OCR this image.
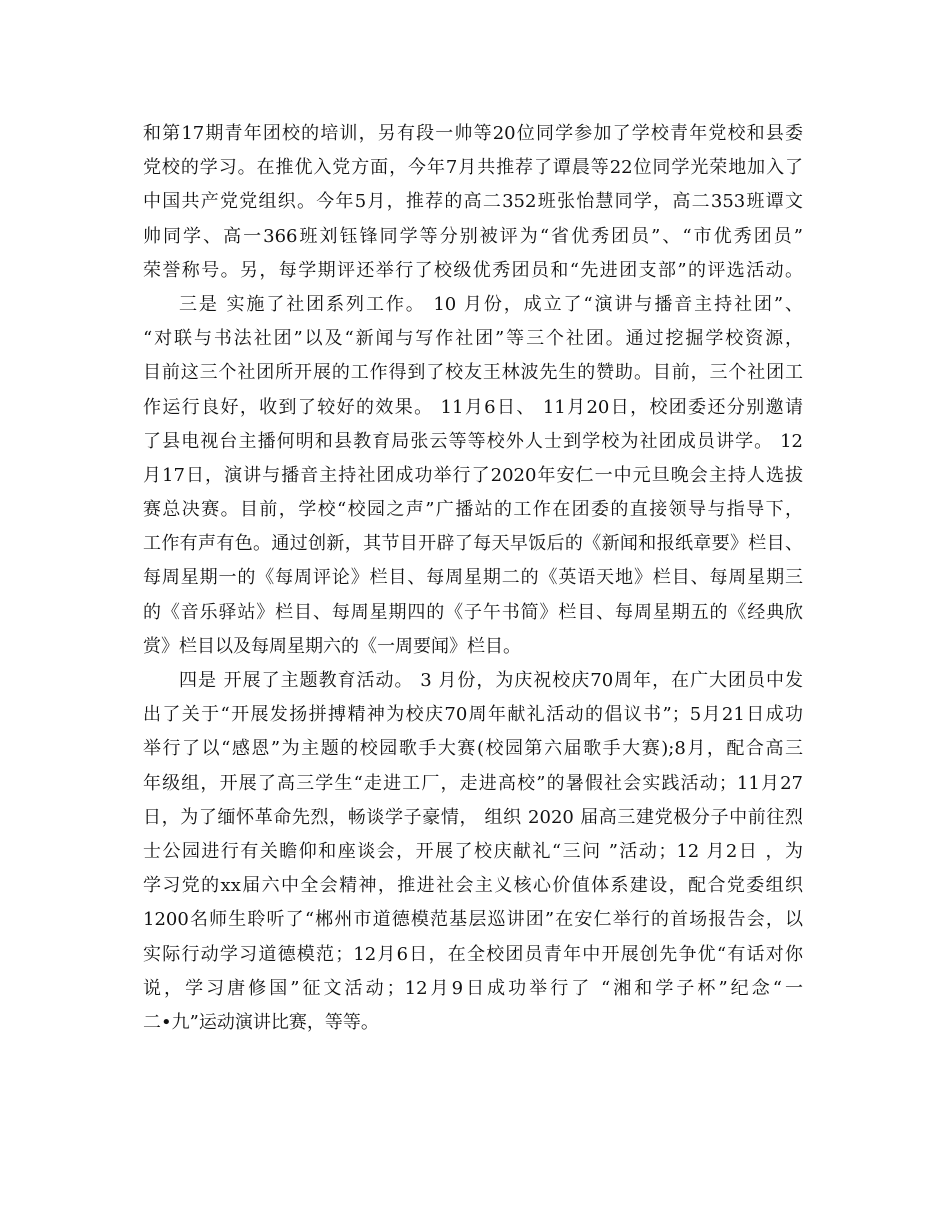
和第17期青年团校的培训，另有段一帅等20位同学参加了学校青年党校和县委
党校的学习。在推优入党方面，今年7月共推荐了谭晨等22位同学光荣地加入了
中国共产党党组织。今年5月，推荐的高二352班张怡慧同学，高二353班谭文
帅同学、高一366班刘钰锋同学等分别被评为“省优秀团员”、“市优秀团员”
荣誉称号。另，每学期评还举行了校级优秀团员和“先进团支部”的评选活动。
三是 实施了社团系列工作。 10 月份，成立了“演讲与播音主持社团”、
“对联与书法社团”以及“新闻与写作社团”等三个社团。通过挖掘学校资源，
目前这三个社团所开展的工作得到了校友王林波先生的赞助。目前，三个社团工
作运行良好，收到了较好的效果。 11月6日、 11月20日，校团委还分别邀请
了县电视台主播何明和县教育局张云等等校外人士到学校为社团成员讲学。 12
月17日，演讲与播音主持社团成功举行了2020年安仁一中元旦晚会主持人选拔
赛总决赛。目前，学校“校园之声”广播站的工作在团委的直接领导与指导下，
工作有声有色。通过创新，其节目开辟了每天早饭后的《新闻和报纸章要》栏目、
每周星期一的《每周评论》栏目、每周星期二的《英语天地》栏目、每周星期三
的《音乐驿站》栏目、每周星期四的《子午书简》栏目、每周星期五的《经典欣
赏》栏目以及每周星期六的《一周要闻》栏目。
四是 开展了主题教育活动。 3 月份，为庆祝校庆70周年，在广大团员中发
出了关于“开展发扬拼搏精神为校庆70周年献礼活动的倡议书”；5月21日成功
举行了以“感恩”为主题的校园歌手大赛(校园第六届歌手大赛);8月，配合高三
年级组，开展了高三学生“走进工厂，走进高校”的暑假社会实践活动；11月27
日，为了缅怀革命先烈，畅谈学子豪情， 组织 2020 届高三建党极分子中前往烈
士公园进行有关瞻仰和座谈会，开展了校庆献礼“三问 ”活动；12 月2日 ，为
学习党的xx届六中全会精神，推进社会主义核心价值体系建设，配合党委组织
1200名师生聆听了“郴州市道德模范基层巡讲团”在安仁举行的首场报告会，以
实际行动学习道德模范；12月6日，在全校团员青年中开展创先争优“有话对你
说，学习唐修国”征文活动；12月9日成功举行了 “湘和学子杯”纪念“一
二•九”运动演讲比赛，等等。
